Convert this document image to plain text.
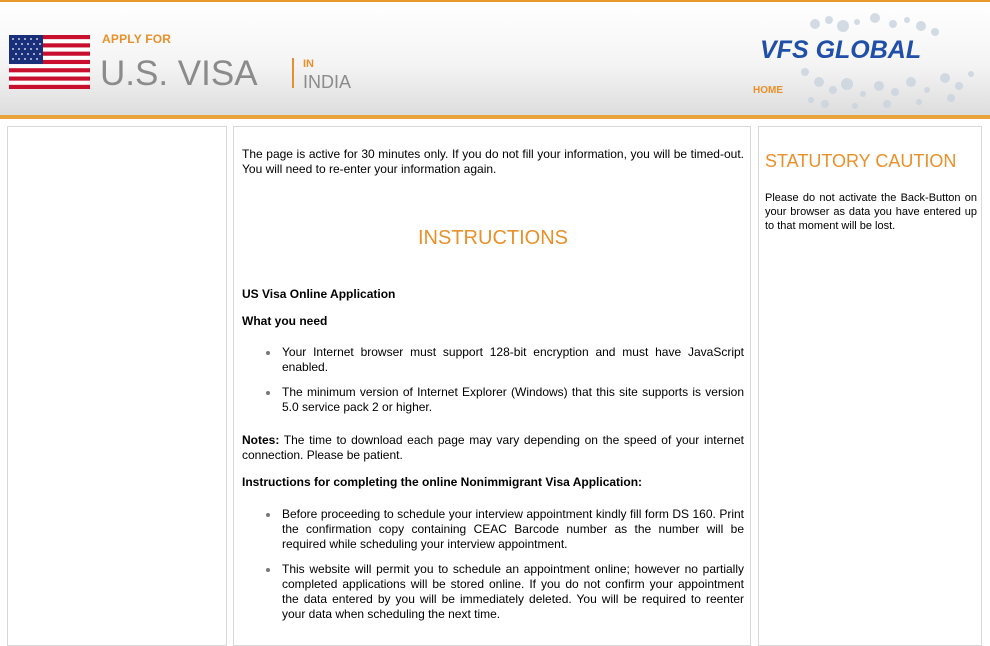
APPLY FOR
U.S. VISA	IN
INDIA
VFS GLOBAL
HOME
The page is active for 30 minutes only. If you do not fill your information, you will be timed-out. You will need to re-enter your information again.
INSTRUCTIONS
US Visa Online Application
What you need
Your Internet browser must support 128-bit encryption and must have JavaScript enabled.
The minimum version of Internet Explorer (Windows) that this site supports is version 5.0 service pack 2 or higher.
Notes: The time to download each page may vary depending on the speed of your internet connection. Please be patient.
Instructions for completing the online Nonimmigrant Visa Application:
Before proceeding to schedule your interview appointment kindly fill form DS 160. Print the confirmation copy containing CEAC Barcode number as the number will be required while scheduling your interview appointment.
This website will permit you to schedule an appointment online; however no partially completed applications will be stored online. If you do not confirm your appointment the data entered by you will be immediately deleted. You will be required to reenter your data when scheduling the next time.
STATUTORY CAUTION
Please do not activate the Back-Button on your browser as data you have entered up to that moment will be lost.
